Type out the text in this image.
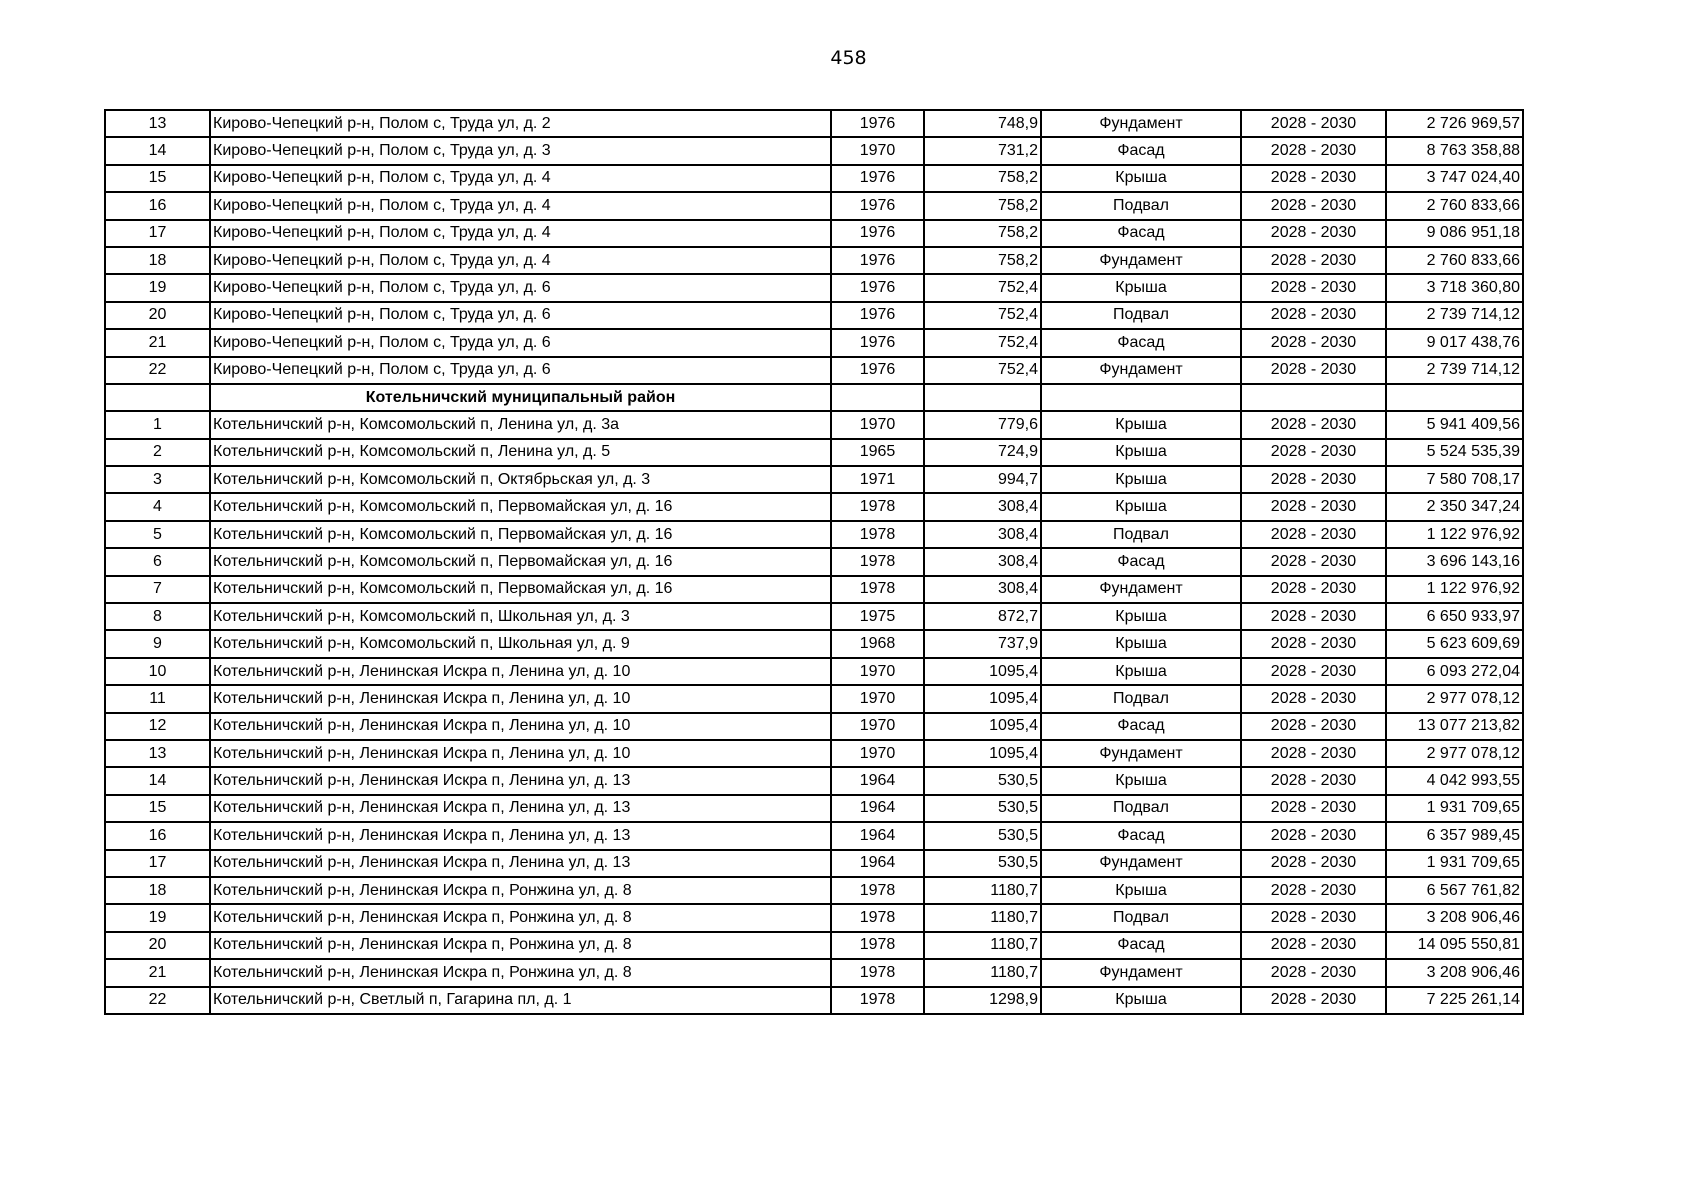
458
13	Кирово-Чепецкий р-н, Полом с, Труда ул, д. 2	1976	748,9	Фундамент	2028 - 2030	2 726 969,57
14	Кирово-Чепецкий р-н, Полом с, Труда ул, д. 3	1970	731,2	Фасад	2028 - 2030	8 763 358,88
15	Кирово-Чепецкий р-н, Полом с, Труда ул, д. 4	1976	758,2	Крыша	2028 - 2030	3 747 024,40
16	Кирово-Чепецкий р-н, Полом с, Труда ул, д. 4	1976	758,2	Подвал	2028 - 2030	2 760 833,66
17	Кирово-Чепецкий р-н, Полом с, Труда ул, д. 4	1976	758,2	Фасад	2028 - 2030	9 086 951,18
18	Кирово-Чепецкий р-н, Полом с, Труда ул, д. 4	1976	758,2	Фундамент	2028 - 2030	2 760 833,66
19	Кирово-Чепецкий р-н, Полом с, Труда ул, д. 6	1976	752,4	Крыша	2028 - 2030	3 718 360,80
20	Кирово-Чепецкий р-н, Полом с, Труда ул, д. 6	1976	752,4	Подвал	2028 - 2030	2 739 714,12
21	Кирово-Чепецкий р-н, Полом с, Труда ул, д. 6	1976	752,4	Фасад	2028 - 2030	9 017 438,76
22	Кирово-Чепецкий р-н, Полом с, Труда ул, д. 6	1976	752,4	Фундамент	2028 - 2030	2 739 714,12
	Котельничский муниципальный район					
1	Котельничский р-н, Комсомольский п, Ленина ул, д. 3а	1970	779,6	Крыша	2028 - 2030	5 941 409,56
2	Котельничский р-н, Комсомольский п, Ленина ул, д. 5	1965	724,9	Крыша	2028 - 2030	5 524 535,39
3	Котельничский р-н, Комсомольский п, Октябрьская ул, д. 3	1971	994,7	Крыша	2028 - 2030	7 580 708,17
4	Котельничский р-н, Комсомольский п, Первомайская ул, д. 16	1978	308,4	Крыша	2028 - 2030	2 350 347,24
5	Котельничский р-н, Комсомольский п, Первомайская ул, д. 16	1978	308,4	Подвал	2028 - 2030	1 122 976,92
6	Котельничский р-н, Комсомольский п, Первомайская ул, д. 16	1978	308,4	Фасад	2028 - 2030	3 696 143,16
7	Котельничский р-н, Комсомольский п, Первомайская ул, д. 16	1978	308,4	Фундамент	2028 - 2030	1 122 976,92
8	Котельничский р-н, Комсомольский п, Школьная ул, д. 3	1975	872,7	Крыша	2028 - 2030	6 650 933,97
9	Котельничский р-н, Комсомольский п, Школьная ул, д. 9	1968	737,9	Крыша	2028 - 2030	5 623 609,69
10	Котельничский р-н, Ленинская Искра п, Ленина ул, д. 10	1970	1095,4	Крыша	2028 - 2030	6 093 272,04
11	Котельничский р-н, Ленинская Искра п, Ленина ул, д. 10	1970	1095,4	Подвал	2028 - 2030	2 977 078,12
12	Котельничский р-н, Ленинская Искра п, Ленина ул, д. 10	1970	1095,4	Фасад	2028 - 2030	13 077 213,82
13	Котельничский р-н, Ленинская Искра п, Ленина ул, д. 10	1970	1095,4	Фундамент	2028 - 2030	2 977 078,12
14	Котельничский р-н, Ленинская Искра п, Ленина ул, д. 13	1964	530,5	Крыша	2028 - 2030	4 042 993,55
15	Котельничский р-н, Ленинская Искра п, Ленина ул, д. 13	1964	530,5	Подвал	2028 - 2030	1 931 709,65
16	Котельничский р-н, Ленинская Искра п, Ленина ул, д. 13	1964	530,5	Фасад	2028 - 2030	6 357 989,45
17	Котельничский р-н, Ленинская Искра п, Ленина ул, д. 13	1964	530,5	Фундамент	2028 - 2030	1 931 709,65
18	Котельничский р-н, Ленинская Искра п, Ронжина ул, д. 8	1978	1180,7	Крыша	2028 - 2030	6 567 761,82
19	Котельничский р-н, Ленинская Искра п, Ронжина ул, д. 8	1978	1180,7	Подвал	2028 - 2030	3 208 906,46
20	Котельничский р-н, Ленинская Искра п, Ронжина ул, д. 8	1978	1180,7	Фасад	2028 - 2030	14 095 550,81
21	Котельничский р-н, Ленинская Искра п, Ронжина ул, д. 8	1978	1180,7	Фундамент	2028 - 2030	3 208 906,46
22	Котельничский р-н, Светлый п, Гагарина пл, д. 1	1978	1298,9	Крыша	2028 - 2030	7 225 261,14
